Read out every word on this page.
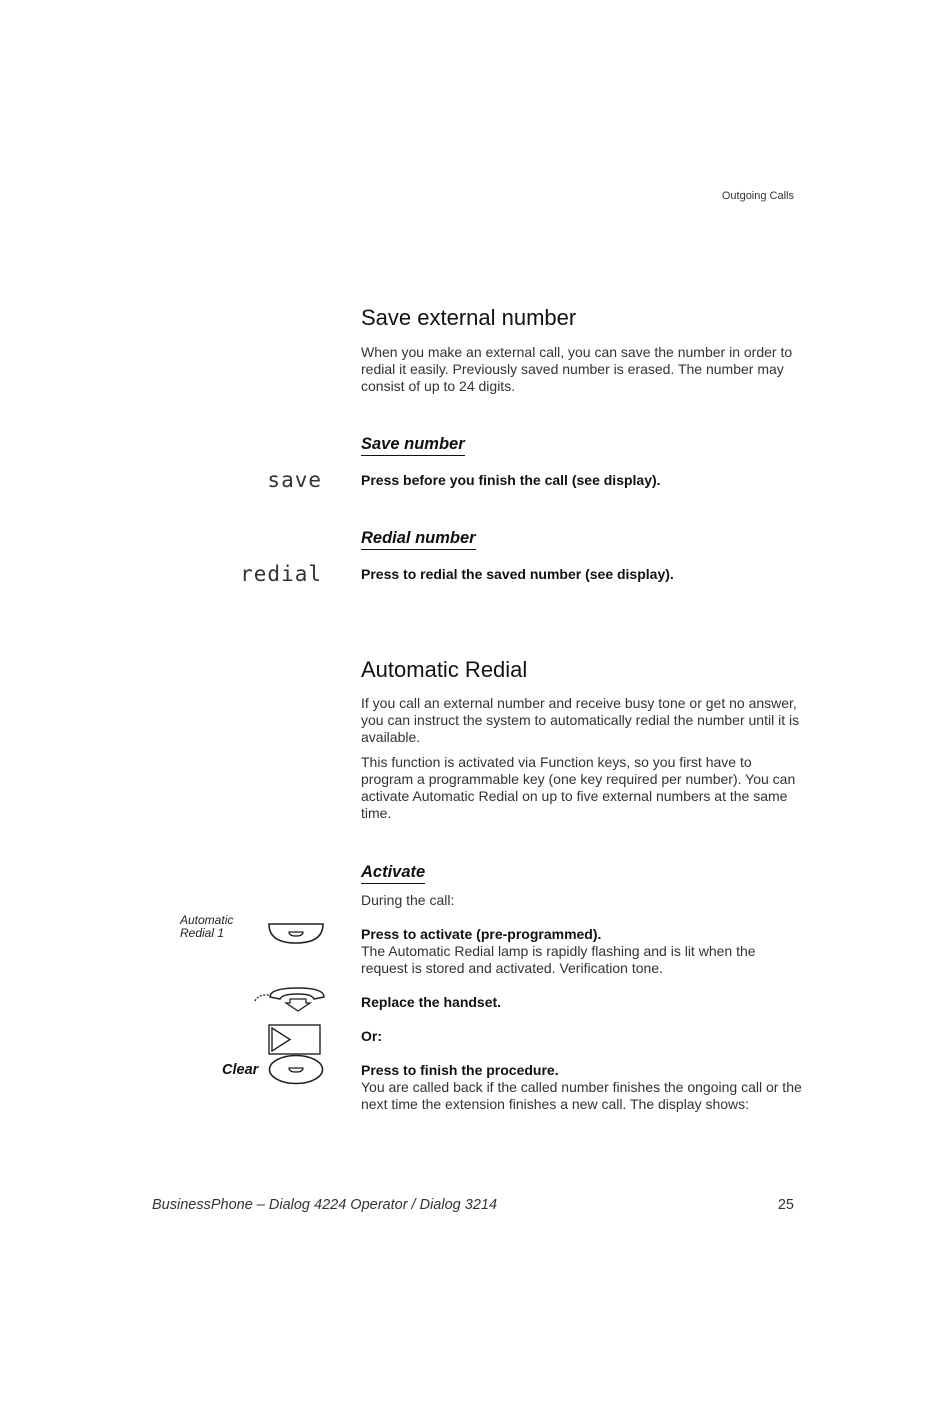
Outgoing Calls
Save external number
When you make an external call, you can save the number in order to redial it easily. Previously saved number is erased. The number may consist of up to 24 digits.
Save number
save	Press before you finish the call (see display).
Redial number
redial	Press to redial the saved number (see display).
Automatic Redial
If you call an external number and receive busy tone or get no answer, you can instruct the system to automatically redial the number until it is available.
This function is activated via Function keys, so you first have to program a programmable key (one key required per number). You can activate Automatic Redial on up to five external numbers at the same time.
Activate
During the call:
Automatic Redial 1	Press to activate (pre-programmed).
The Automatic Redial lamp is rapidly flashing and is lit when the request is stored and activated. Verification tone.
Replace the handset.
Or:
Clear	Press to finish the procedure.
You are called back if the called number finishes the ongoing call or the next time the extension finishes a new call. The display shows:
BusinessPhone – Dialog 4224 Operator / Dialog 3214	25
